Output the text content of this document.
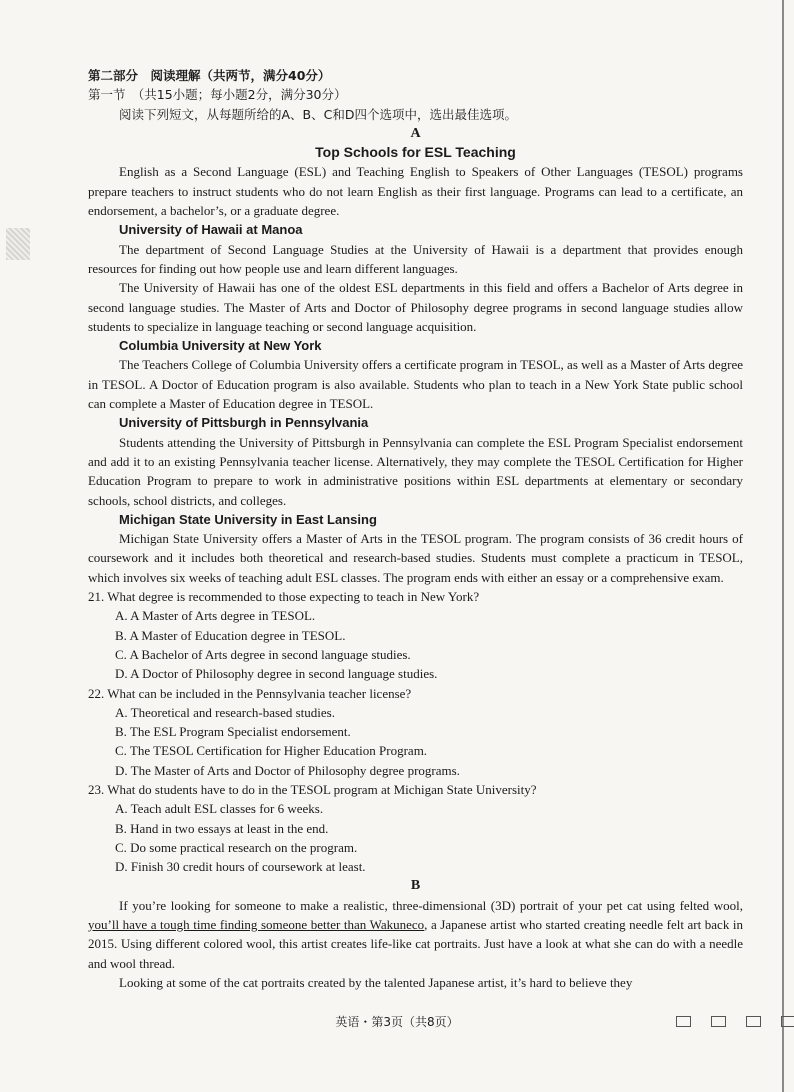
第二部分　阅读理解（共两节，满分40分）

第一节　（共15小题；每小题2分，满分30分）

阅读下列短文，从每题所给的A、B、C和D四个选项中，选出最佳选项。

A

Top Schools for ESL Teaching

English as a Second Language (ESL) and Teaching English to Speakers of Other Languages (TESOL) programs prepare teachers to instruct students who do not learn English as their first language. Programs can lead to a certificate, an endorsement, a bachelor’s, or a graduate degree.

University of Hawaii at Manoa

The department of Second Language Studies at the University of Hawaii is a department that provides enough resources for finding out how people use and learn different languages.

The University of Hawaii has one of the oldest ESL departments in this field and offers a Bachelor of Arts degree in second language studies. The Master of Arts and Doctor of Philosophy degree programs in second language studies allow students to specialize in language teaching or second language acquisition.

Columbia University at New York

The Teachers College of Columbia University offers a certificate program in TESOL, as well as a Master of Arts degree in TESOL. A Doctor of Education program is also available. Students who plan to teach in a New York State public school can complete a Master of Education degree in TESOL.

University of Pittsburgh in Pennsylvania

Students attending the University of Pittsburgh in Pennsylvania can complete the ESL Program Specialist endorsement and add it to an existing Pennsylvania teacher license. Alternatively, they may complete the TESOL Certification for Higher Education Program to prepare to work in administrative positions within ESL departments at elementary or secondary schools, school districts, and colleges.

Michigan State University in East Lansing

Michigan State University offers a Master of Arts in the TESOL program. The program consists of 36 credit hours of coursework and it includes both theoretical and research-based studies. Students must complete a practicum in TESOL, which involves six weeks of teaching adult ESL classes. The program ends with either an essay or a comprehensive exam.

21. What degree is recommended to those expecting to teach in New York?

A. A Master of Arts degree in TESOL.

B. A Master of Education degree in TESOL.

C. A Bachelor of Arts degree in second language studies.

D. A Doctor of Philosophy degree in second language studies.

22. What can be included in the Pennsylvania teacher license?

A. Theoretical and research-based studies.

B. The ESL Program Specialist endorsement.

C. The TESOL Certification for Higher Education Program.

D. The Master of Arts and Doctor of Philosophy degree programs.

23. What do students have to do in the TESOL program at Michigan State University?

A. Teach adult ESL classes for 6 weeks.

B. Hand in two essays at least in the end.

C. Do some practical research on the program.

D. Finish 30 credit hours of coursework at least.

B

If you’re looking for someone to make a realistic, three-dimensional (3D) portrait of your pet cat using felted wool, you’ll have a tough time finding someone better than Wakuneco, a Japanese artist who started creating needle felt art back in 2015. Using different colored wool, this artist creates life-like cat portraits. Just have a look at what she can do with a needle and wool thread.

Looking at some of the cat portraits created by the talented Japanese artist, it’s hard to believe they

英语・第3页（共8页）
